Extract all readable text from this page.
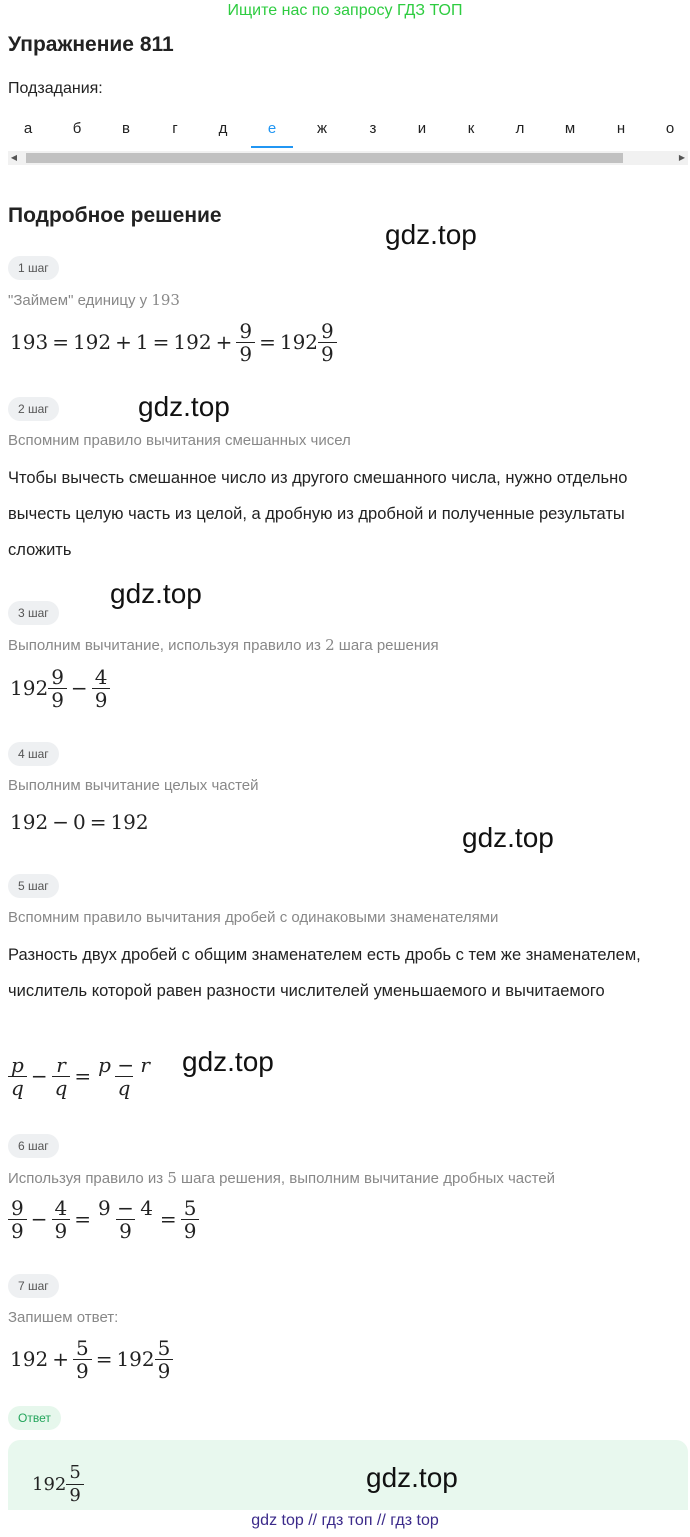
Ищите нас по запросу ГДЗ ТОП
Упражнение 811
Подзадания:
а	б	в	г	д	е	ж	з	и	к	л	м	н	о
◀	▶
Подробное решение
gdz.top
gdz.top
gdz.top
gdz.top
gdz.top
1 шаг
"Займем" единицу у 193
$193 = 192 + 1 = 192 + \frac{9}{9} = 192 \frac{9}{9}$
2 шаг
Вспомним правило вычитания смешанных чисел
Чтобы вычесть смешанное число из другого смешанного числа, нужно отдельно вычесть целую часть из целой, а дробную из дробной и полученные результаты сложить
3 шаг
Выполним вычитание, используя правило из 2 шага решения
$192 \frac{9}{9} - \frac{4}{9}$
4 шаг
Выполним вычитание целых частей
192 − 0 = 192
5 шаг
Вспомним правило вычитания дробей с одинаковыми знаменателями
Разность двух дробей с общим знаменателем есть дробь с тем же знаменателем, числитель которой равен разности числителей уменьшаемого и вычитаемого
$\frac{p}{q} - \frac{r}{q} = \frac{p - r}{q}$
6 шаг
Используя правило из 5 шага решения, выполним вычитание дробных частей
$\frac{9}{9} - \frac{4}{9} = \frac{9 - 4}{9} = \frac{5}{9}$
7 шаг
Запишем ответ:
$192 + \frac{5}{9} = 192 \frac{5}{9}$
Ответ
$192 \frac{5}{9}$	gdz.top
gdz top // гдз топ // гдз top
